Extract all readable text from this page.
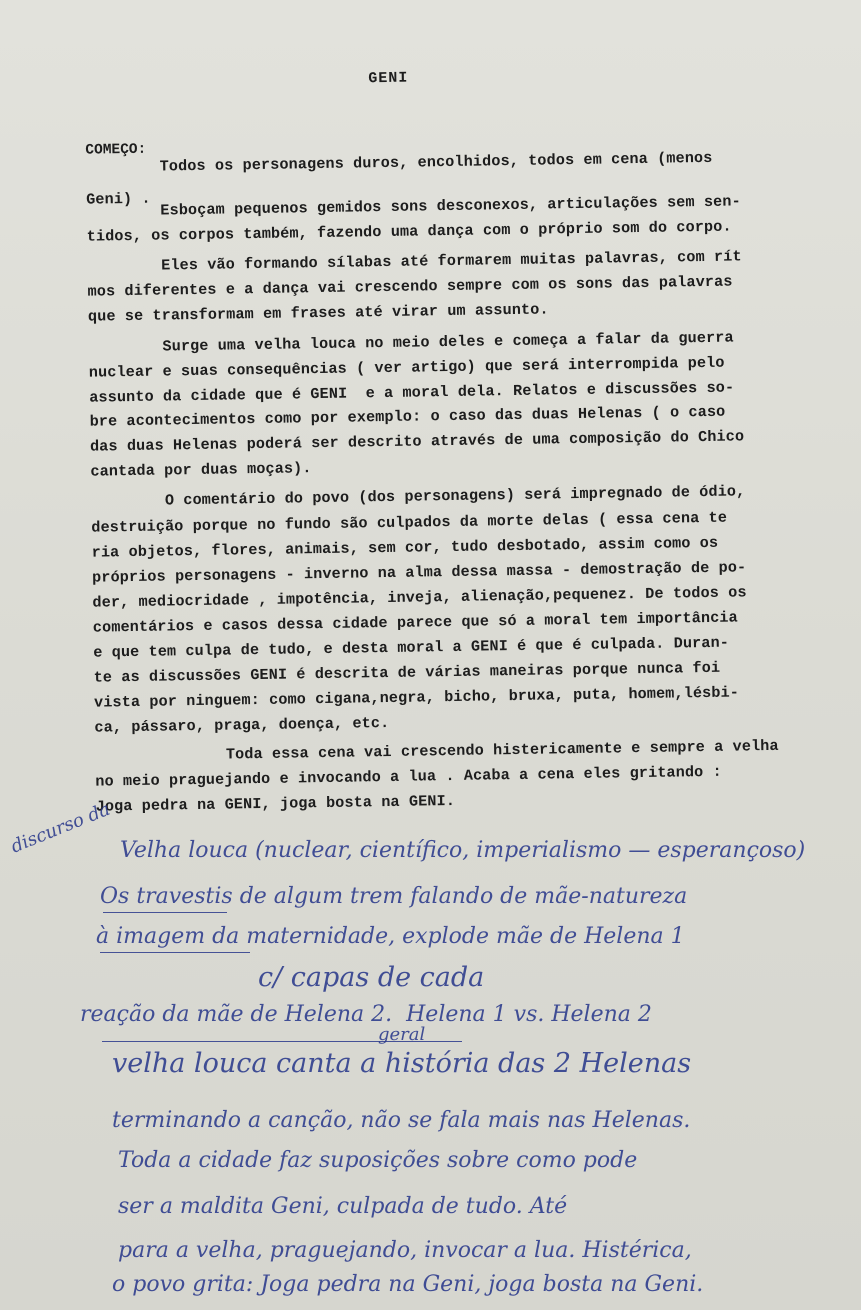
GENI
COMEÇO: Todos os personagens duros, encolhidos, todos em cena (menos
Geni) . Esboçam pequenos gemidos sons desconexos, articulações sem sen-
tidos, os corpos também, fazendo uma dança com o próprio som do corpo.
Eles vão formando sílabas até formarem muitas palavras, com rít
mos diferentes e a dança vai crescendo sempre com os sons das palavras
que se transformam em frases até virar um assunto.
Surge uma velha louca no meio deles e começa a falar da guerra
nuclear e suas consequências ( ver artigo) que será interrompida pelo
assunto da cidade que é GENI  e a moral dela. Relatos e discussões so-
bre acontecimentos como por exemplo: o caso das duas Helenas ( o caso
das duas Helenas poderá ser descrito através de uma composição do Chico
cantada por duas moças).
O comentário do povo (dos personagens) será impregnado de ódio,
destruição porque no fundo são culpados da morte delas ( essa cena te
ria objetos, flores, animais, sem cor, tudo desbotado, assim como os
próprios personagens - inverno na alma dessa massa - demostração de po-
der, mediocridade , impotência, inveja, alienação,pequenez. De todos os
comentários e casos dessa cidade parece que só a moral tem importância
e que tem culpa de tudo, e desta moral a GENI é que é culpada. Duran-
te as discussões GENI é descrita de várias maneiras porque nunca foi
vista por ninguem: como cigana,negra, bicho, bruxa, puta, homem,lésbi-
ca, pássaro, praga, doença, etc.
Toda essa cena vai crescendo histericamente e sempre a velha
no meio praguejando e invocando a lua . Acaba a cena eles gritando :
Joga pedra na GENI, joga bosta na GENI.
discurso da Velha louca (nuclear, científico, imperialismo — esperançoso)
Os travestis de algum trem falando de mãe-natureza
à imagem da maternidade, explode mãe de Helena 1
c/ capas de cada
reação da mãe de Helena 2.  Helena 1 vs. Helena 2
geral
velha louca canta a história das 2 Helenas
terminando a canção, não se fala mais nas Helenas.
Toda a cidade faz suposições sobre como pode
ser a maldita Geni, culpada de tudo. Até
para a velha, praguejando, invocar a lua. Histérica,
o povo grita: Joga pedra na Geni, joga bosta na Geni.
